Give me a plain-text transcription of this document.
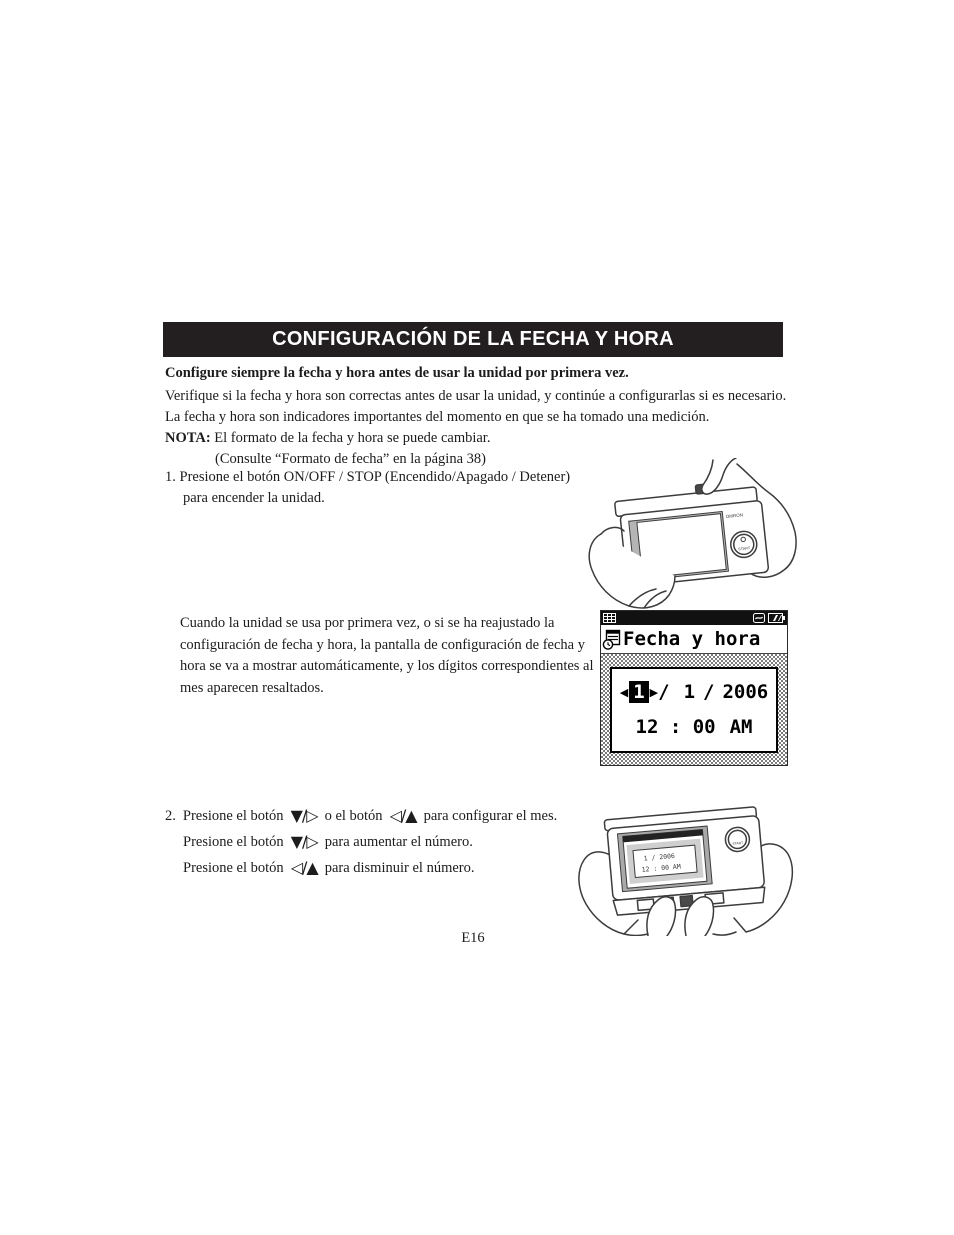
CONFIGURACIÓN DE LA FECHA Y HORA
Configure siempre la fecha y hora antes de usar la unidad por primera vez.
Verifique si la fecha y hora son correctas antes de usar la unidad, y continúe a configurarlas si es necesario.
La fecha y hora son indicadores importantes del momento en que se ha tomado una medición.
NOTA: El formato de la fecha y hora se puede cambiar.
(Consulte “Formato de fecha” en la página 38)
1. Presione el botón ON/OFF / STOP (Encendido/Apagado / Detener)
para encender la unidad.
OMRON
START
Cuando la unidad se usa por primera vez, o si se ha reajustado la
configuración de fecha y hora, la pantalla de configuración de fecha y
hora se va a mostrar automáticamente, y los dígitos correspondientes al
mes aparecen resaltados.
Fecha y hora
◀ 1 ▶ / 1 / 2006
12 : 00 AM
2. Presione el botón ▼/▷ o el botón ◁/▲ para configurar el mes.
Presione el botón ▼/▷ para aumentar el número.
Presione el botón ◁/▲ para disminuir el número.
1 / 2006
12 : 00 AM
START
E16
